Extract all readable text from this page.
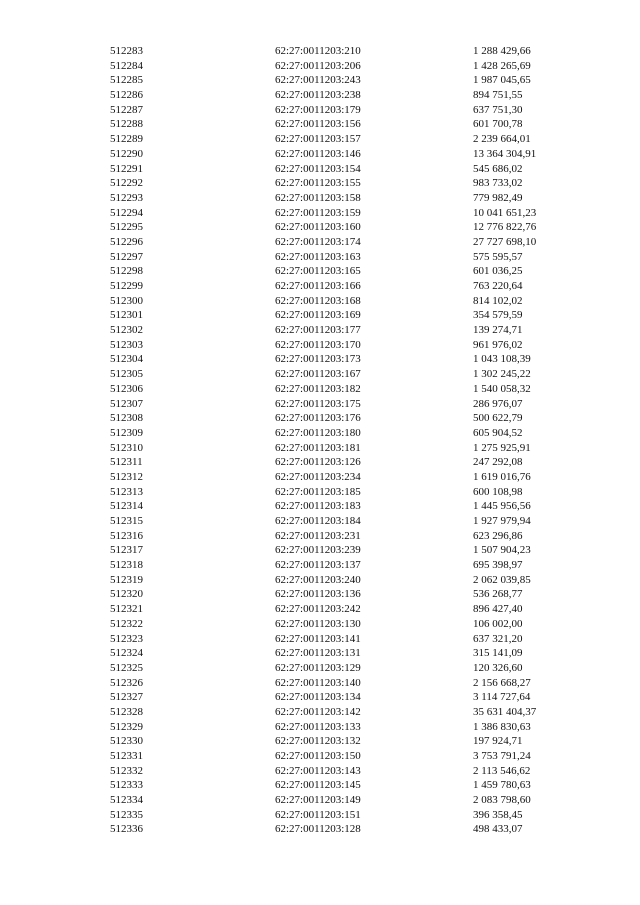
512283	62:27:0011203:210	1 288 429,66
512284	62:27:0011203:206	1 428 265,69
512285	62:27:0011203:243	1 987 045,65
512286	62:27:0011203:238	894 751,55
512287	62:27:0011203:179	637 751,30
512288	62:27:0011203:156	601 700,78
512289	62:27:0011203:157	2 239 664,01
512290	62:27:0011203:146	13 364 304,91
512291	62:27:0011203:154	545 686,02
512292	62:27:0011203:155	983 733,02
512293	62:27:0011203:158	779 982,49
512294	62:27:0011203:159	10 041 651,23
512295	62:27:0011203:160	12 776 822,76
512296	62:27:0011203:174	27 727 698,10
512297	62:27:0011203:163	575 595,57
512298	62:27:0011203:165	601 036,25
512299	62:27:0011203:166	763 220,64
512300	62:27:0011203:168	814 102,02
512301	62:27:0011203:169	354 579,59
512302	62:27:0011203:177	139 274,71
512303	62:27:0011203:170	961 976,02
512304	62:27:0011203:173	1 043 108,39
512305	62:27:0011203:167	1 302 245,22
512306	62:27:0011203:182	1 540 058,32
512307	62:27:0011203:175	286 976,07
512308	62:27:0011203:176	500 622,79
512309	62:27:0011203:180	605 904,52
512310	62:27:0011203:181	1 275 925,91
512311	62:27:0011203:126	247 292,08
512312	62:27:0011203:234	1 619 016,76
512313	62:27:0011203:185	600 108,98
512314	62:27:0011203:183	1 445 956,56
512315	62:27:0011203:184	1 927 979,94
512316	62:27:0011203:231	623 296,86
512317	62:27:0011203:239	1 507 904,23
512318	62:27:0011203:137	695 398,97
512319	62:27:0011203:240	2 062 039,85
512320	62:27:0011203:136	536 268,77
512321	62:27:0011203:242	896 427,40
512322	62:27:0011203:130	106 002,00
512323	62:27:0011203:141	637 321,20
512324	62:27:0011203:131	315 141,09
512325	62:27:0011203:129	120 326,60
512326	62:27:0011203:140	2 156 668,27
512327	62:27:0011203:134	3 114 727,64
512328	62:27:0011203:142	35 631 404,37
512329	62:27:0011203:133	1 386 830,63
512330	62:27:0011203:132	197 924,71
512331	62:27:0011203:150	3 753 791,24
512332	62:27:0011203:143	2 113 546,62
512333	62:27:0011203:145	1 459 780,63
512334	62:27:0011203:149	2 083 798,60
512335	62:27:0011203:151	396 358,45
512336	62:27:0011203:128	498 433,07
